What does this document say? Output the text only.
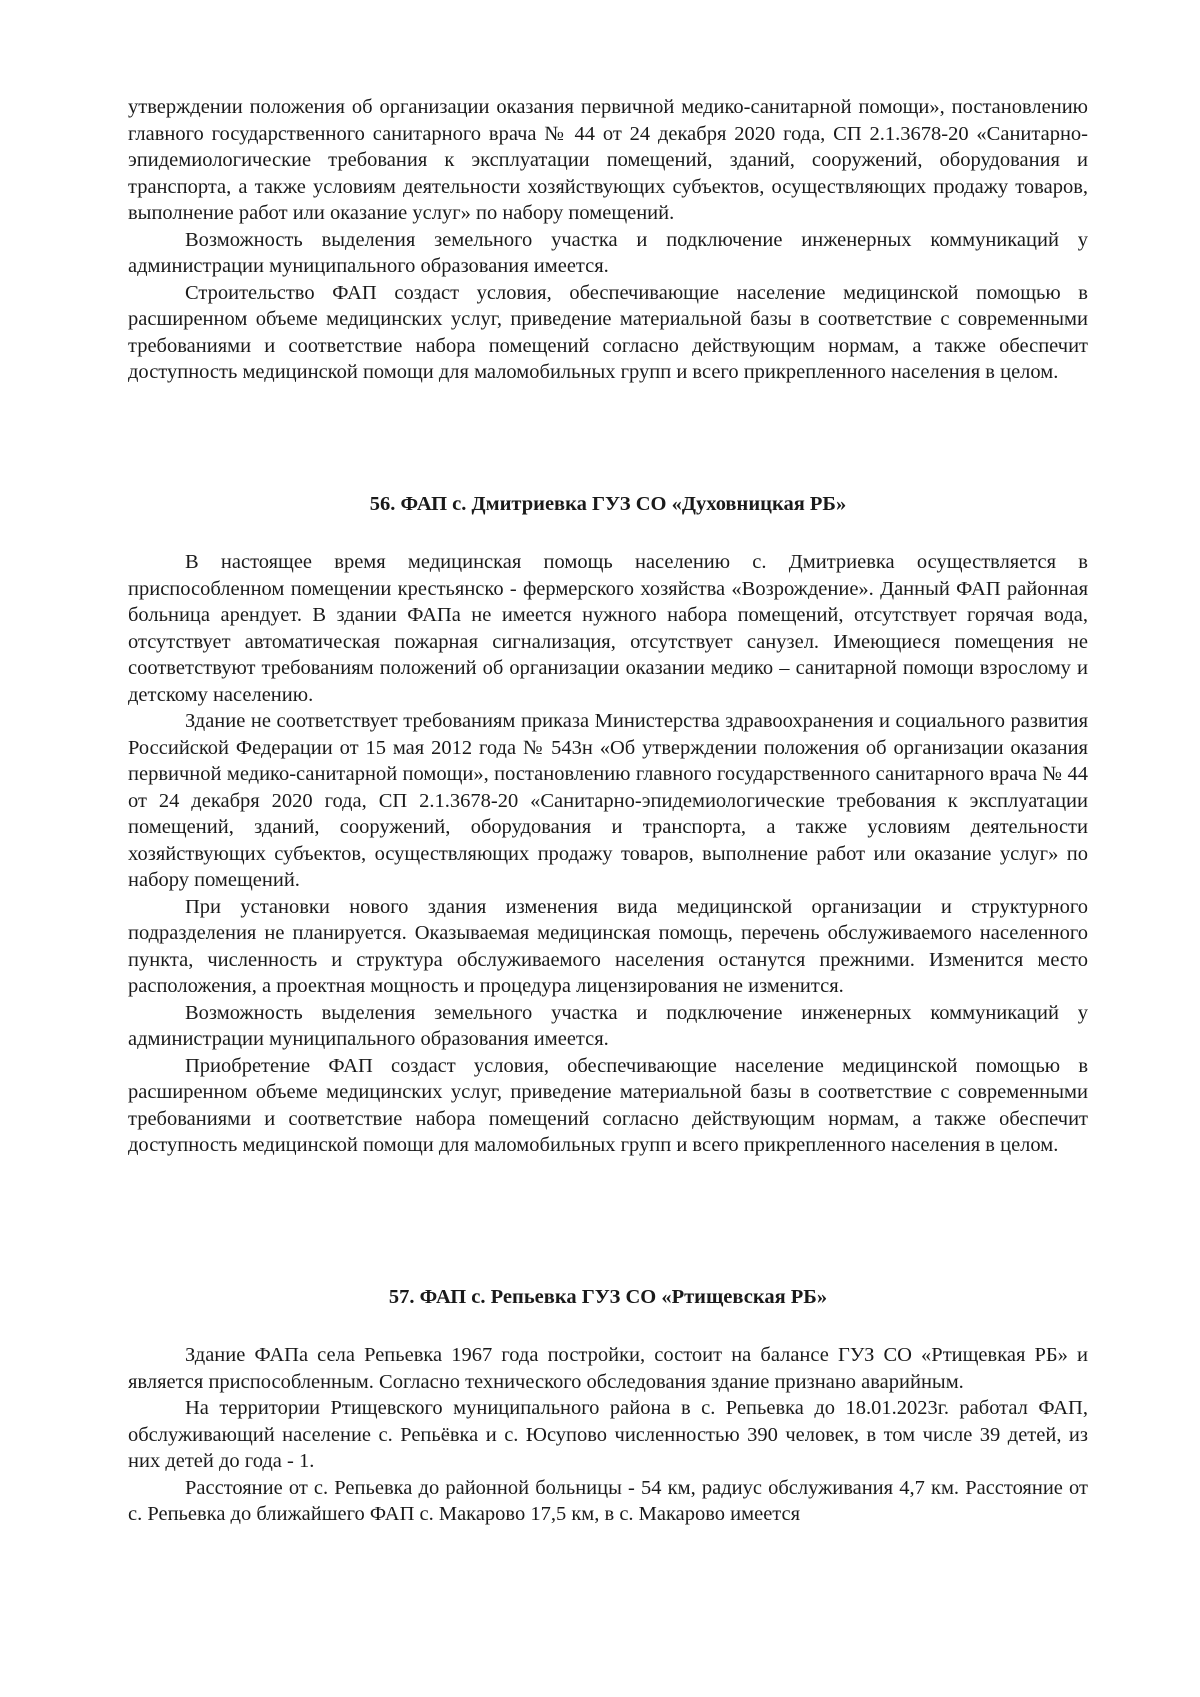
утверждении положения об организации оказания первичной медико-санитарной помощи», постановлению главного государственного санитарного врача № 44 от 24 декабря 2020 года, СП 2.1.3678-20 «Санитарно-эпидемиологические требования к эксплуатации помещений, зданий, сооружений, оборудования и транспорта, а также условиям деятельности хозяйствующих субъектов, осуществляющих продажу товаров, выполнение работ или оказание услуг» по набору помещений.

Возможность выделения земельного участка и подключение инженерных коммуникаций у администрации муниципального образования имеется.

Строительство ФАП создаст условия, обеспечивающие население медицинской помощью в расширенном объеме медицинских услуг, приведение материальной базы в соответствие с современными требованиями и соответствие набора помещений согласно действующим нормам, а также обеспечит доступность медицинской помощи для маломобильных групп и всего прикрепленного населения в целом.

56. ФАП с. Дмитриевка ГУЗ СО «Духовницкая РБ»

В настоящее время медицинская помощь населению с. Дмитриевка осуществляется в приспособленном помещении крестьянско - фермерского хозяйства «Возрождение». Данный ФАП районная больница арендует. В здании ФАПа не имеется нужного набора помещений, отсутствует горячая вода, отсутствует автоматическая пожарная сигнализация, отсутствует санузел. Имеющиеся помещения не соответствуют требованиям положений об организации оказании медико – санитарной помощи взрослому и детскому населению.

Здание не соответствует требованиям приказа Министерства здравоохранения и социального развития Российской Федерации от 15 мая 2012 года № 543н «Об утверждении положения об организации оказания первичной медико-санитарной помощи», постановлению главного государственного санитарного врача № 44 от 24 декабря 2020 года, СП 2.1.3678-20 «Санитарно-эпидемиологические требования к эксплуатации помещений, зданий, сооружений, оборудования и транспорта, а также условиям деятельности хозяйствующих субъектов, осуществляющих продажу товаров, выполнение работ или оказание услуг» по набору помещений.

При установки нового здания изменения вида медицинской организации и структурного подразделения не планируется. Оказываемая медицинская помощь, перечень обслуживаемого населенного пункта, численность и структура обслуживаемого населения останутся прежними. Изменится место расположения, а проектная мощность и процедура лицензирования не изменится.

Возможность выделения земельного участка и подключение инженерных коммуникаций у администрации муниципального образования имеется.

Приобретение ФАП создаст условия, обеспечивающие население медицинской помощью в расширенном объеме медицинских услуг, приведение материальной базы в соответствие с современными требованиями и соответствие набора помещений согласно действующим нормам, а также обеспечит доступность медицинской помощи для маломобильных групп и всего прикрепленного населения в целом.

57. ФАП с. Репьевка ГУЗ СО «Ртищевская РБ»

Здание ФАПа села Репьевка 1967 года постройки, состоит на балансе ГУЗ СО «Ртищевкая РБ» и является приспособленным. Согласно технического обследования здание признано аварийным.

На территории Ртищевского муниципального района в с. Репьевка до 18.01.2023г. работал ФАП, обслуживающий население с. Репьёвка и с. Юсупово численностью 390 человек, в том числе 39 детей, из них детей до года - 1.

Расстояние от с. Репьевка до районной больницы - 54 км, радиус обслуживания 4,7 км. Расстояние от с. Репьевка до ближайшего ФАП с. Макарово 17,5 км, в с. Макарово имеется
